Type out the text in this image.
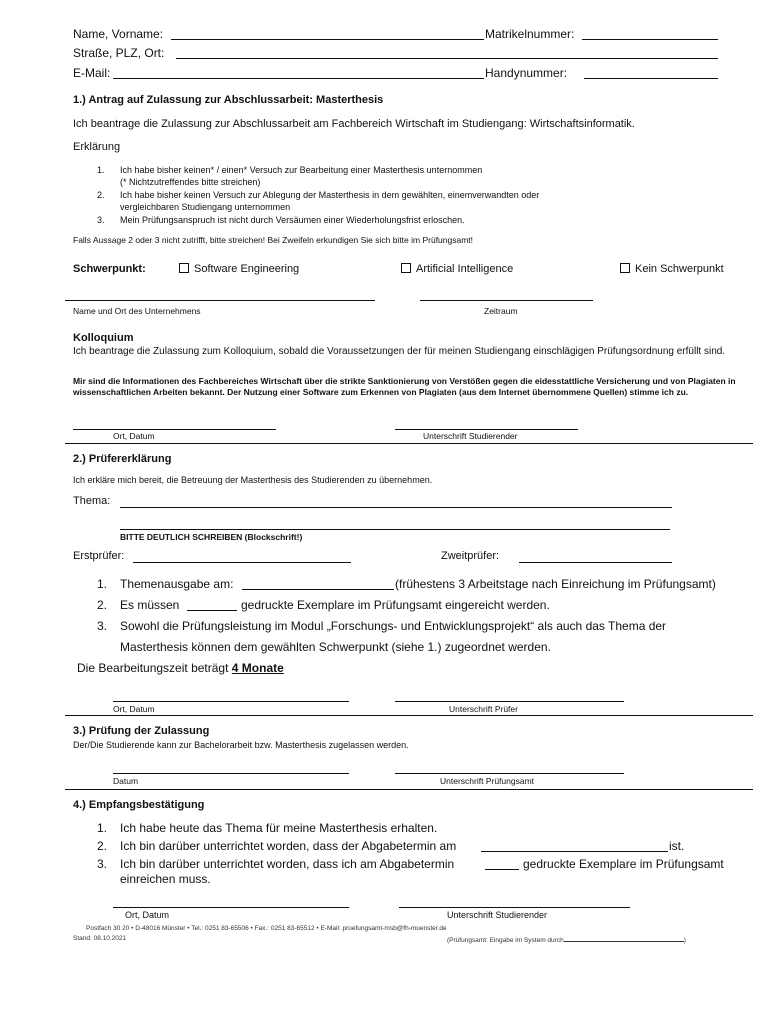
Name, Vorname:	Matrikelnummer:
Straße, PLZ, Ort:
E-Mail:	Handynummer:
1.) Antrag auf Zulassung zur Abschlussarbeit: Masterthesis
Ich beantrage die Zulassung zur Abschlussarbeit am Fachbereich Wirtschaft im Studiengang: Wirtschaftsinformatik.
Erklärung
1. Ich habe bisher keinen* / einen* Versuch zur Bearbeitung einer Masterthesis unternommen
(* Nichtzutreffendes bitte streichen)
2. Ich habe bisher keinen Versuch zur Ablegung der Masterthesis in dem gewählten, einemverwandten oder
vergleichbaren Studiengang unternommen
3. Mein Prüfungsanspruch ist nicht durch Versäumen einer Wiederholungsfrist erloschen.
Falls Aussage 2 oder 3 nicht zutrifft, bitte streichen! Bei Zweifeln erkundigen Sie sich bitte im Prüfungsamt!
Schwerpunkt:	Software Engineering	Artificial Intelligence	Kein Schwerpunkt
Name und Ort des Unternehmens	Zeitraum
Kolloquium
Ich beantrage die Zulassung zum Kolloquium, sobald die Voraussetzungen der für meinen Studiengang einschlägigen Prüfungsordnung erfüllt sind.
Mir sind die Informationen des Fachbereiches Wirtschaft über die strikte Sanktionierung von Verstößen gegen die eidesstattliche Versicherung und von Plagiaten in wissenschaftlichen Arbeiten bekannt. Der Nutzung einer Software zum Erkennen von Plagiaten (aus dem Internet übernommene Quellen) stimme ich zu.
Ort, Datum	Unterschrift Studierender
2.) Prüfererklärung
Ich erkläre mich bereit, die Betreuung der Masterthesis des Studierenden zu übernehmen.
Thema:
BITTE DEUTLICH SCHREIBEN (Blockschrift!)
Erstprüfer:	Zweitprüfer:
1. Themenausgabe am:	(frühestens 3 Arbeitstage nach Einreichung im Prüfungsamt)
2. Es müssen	gedruckte Exemplare im Prüfungsamt eingereicht werden.
3. Sowohl die Prüfungsleistung im Modul „Forschungs- und Entwicklungsprojekt“ als auch das Thema der
Masterthesis können dem gewählten Schwerpunkt (siehe 1.) zugeordnet werden.
Die Bearbeitungszeit beträgt 4 Monate
Ort, Datum	Unterschrift Prüfer
3.) Prüfung der Zulassung
Der/Die Studierende kann zur Bachelorarbeit bzw. Masterthesis zugelassen werden.
Datum	Unterschrift Prüfungsamt
4.) Empfangsbestätigung
1. Ich habe heute das Thema für meine Masterthesis erhalten.
2. Ich bin darüber unterrichtet worden, dass der Abgabetermin am	ist.
3. Ich bin darüber unterrichtet worden, dass ich am Abgabetermin	gedruckte Exemplare im Prüfungsamt
einreichen muss.
Ort, Datum	Unterschrift Studierender
Postfach 30 20 • D-48016 Münster • Tel.: 0251 83-65506 • Fax.: 0251 83-65512 • E-Mail: pruefungsamt-msb@fh-muenster.de
Stand: 08.10.2021	(Prüfungsamt: Eingabe im System durch	)
